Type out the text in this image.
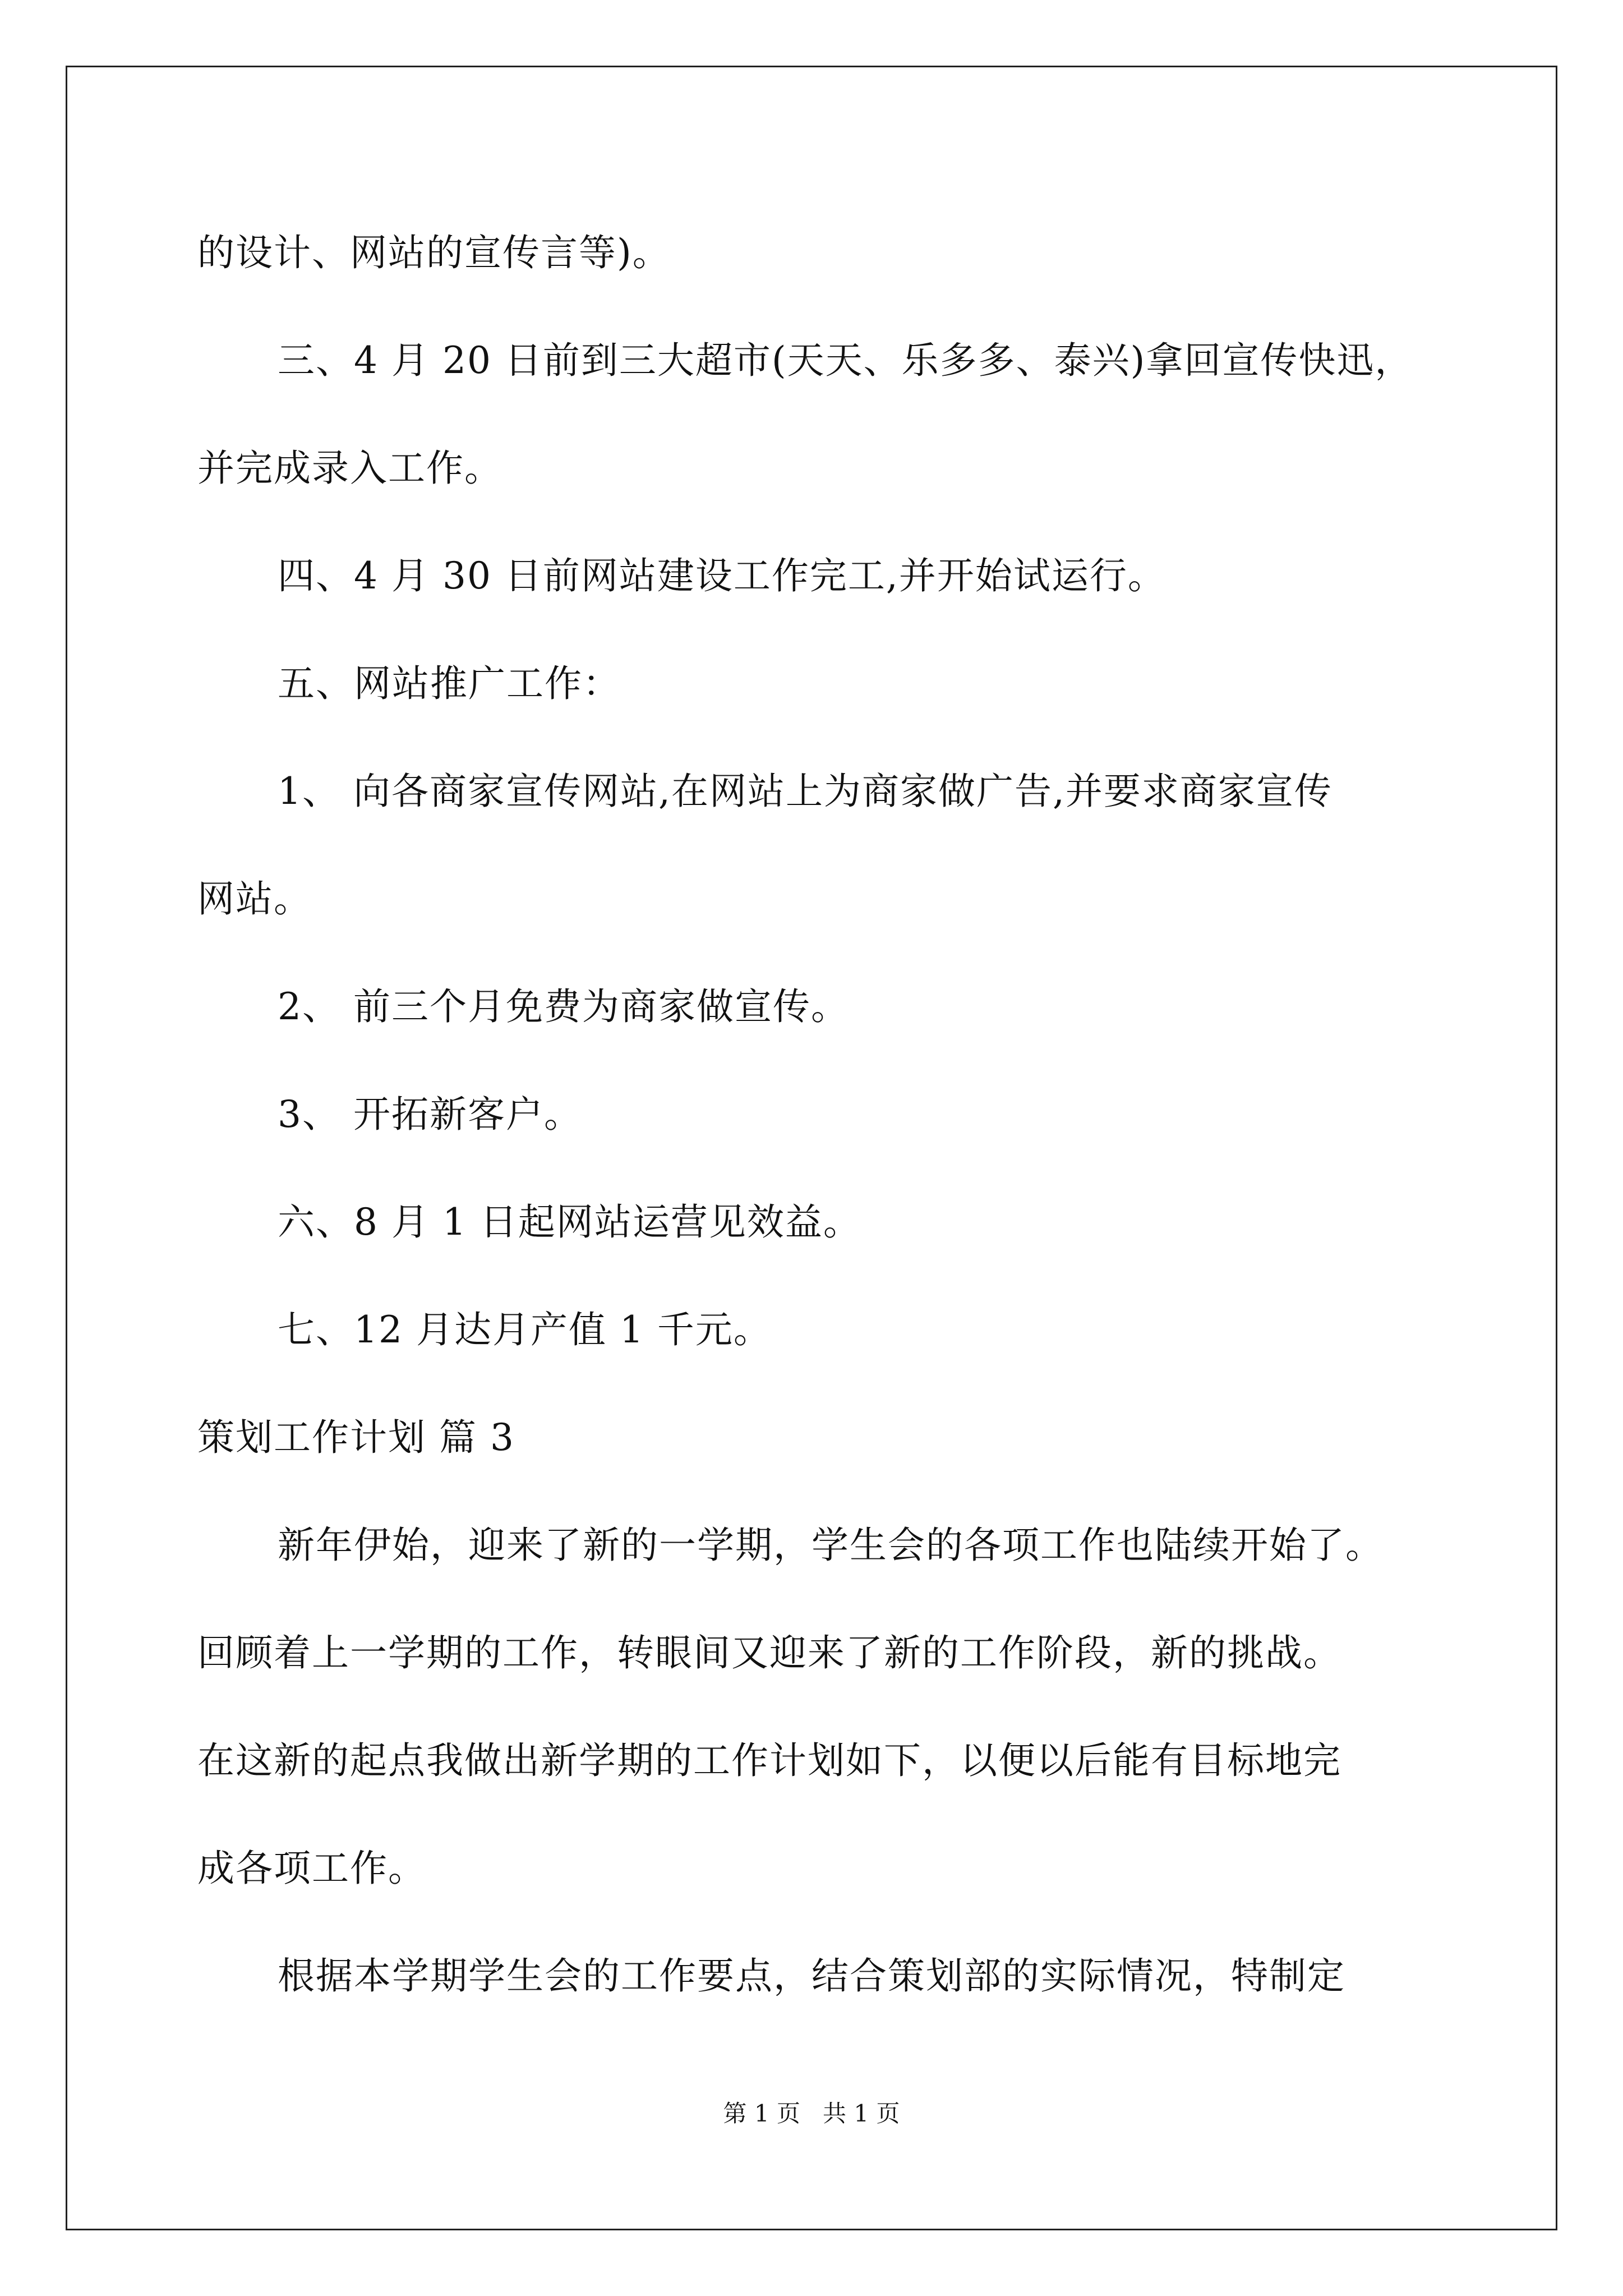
的设计、网站的宣传言等)。
三、4 月 20 日前到三大超市(天天、乐多多、泰兴)拿回宣传快迅，
并完成录入工作。
四、4 月 30 日前网站建设工作完工,并开始试运行。
五、网站推广工作：
1、 向各商家宣传网站,在网站上为商家做广告,并要求商家宣传
网站。
2、 前三个月免费为商家做宣传。
3、 开拓新客户。
六、8 月 1 日起网站运营见效益。
七、12 月达月产值 1 千元。
策划工作计划 篇 3
新年伊始，迎来了新的一学期，学生会的各项工作也陆续开始了。
回顾着上一学期的工作，转眼间又迎来了新的工作阶段，新的挑战。
在这新的起点我做出新学期的工作计划如下，以便以后能有目标地完
成各项工作。
根据本学期学生会的工作要点，结合策划部的实际情况，特制定
第 1 页   共 1 页
